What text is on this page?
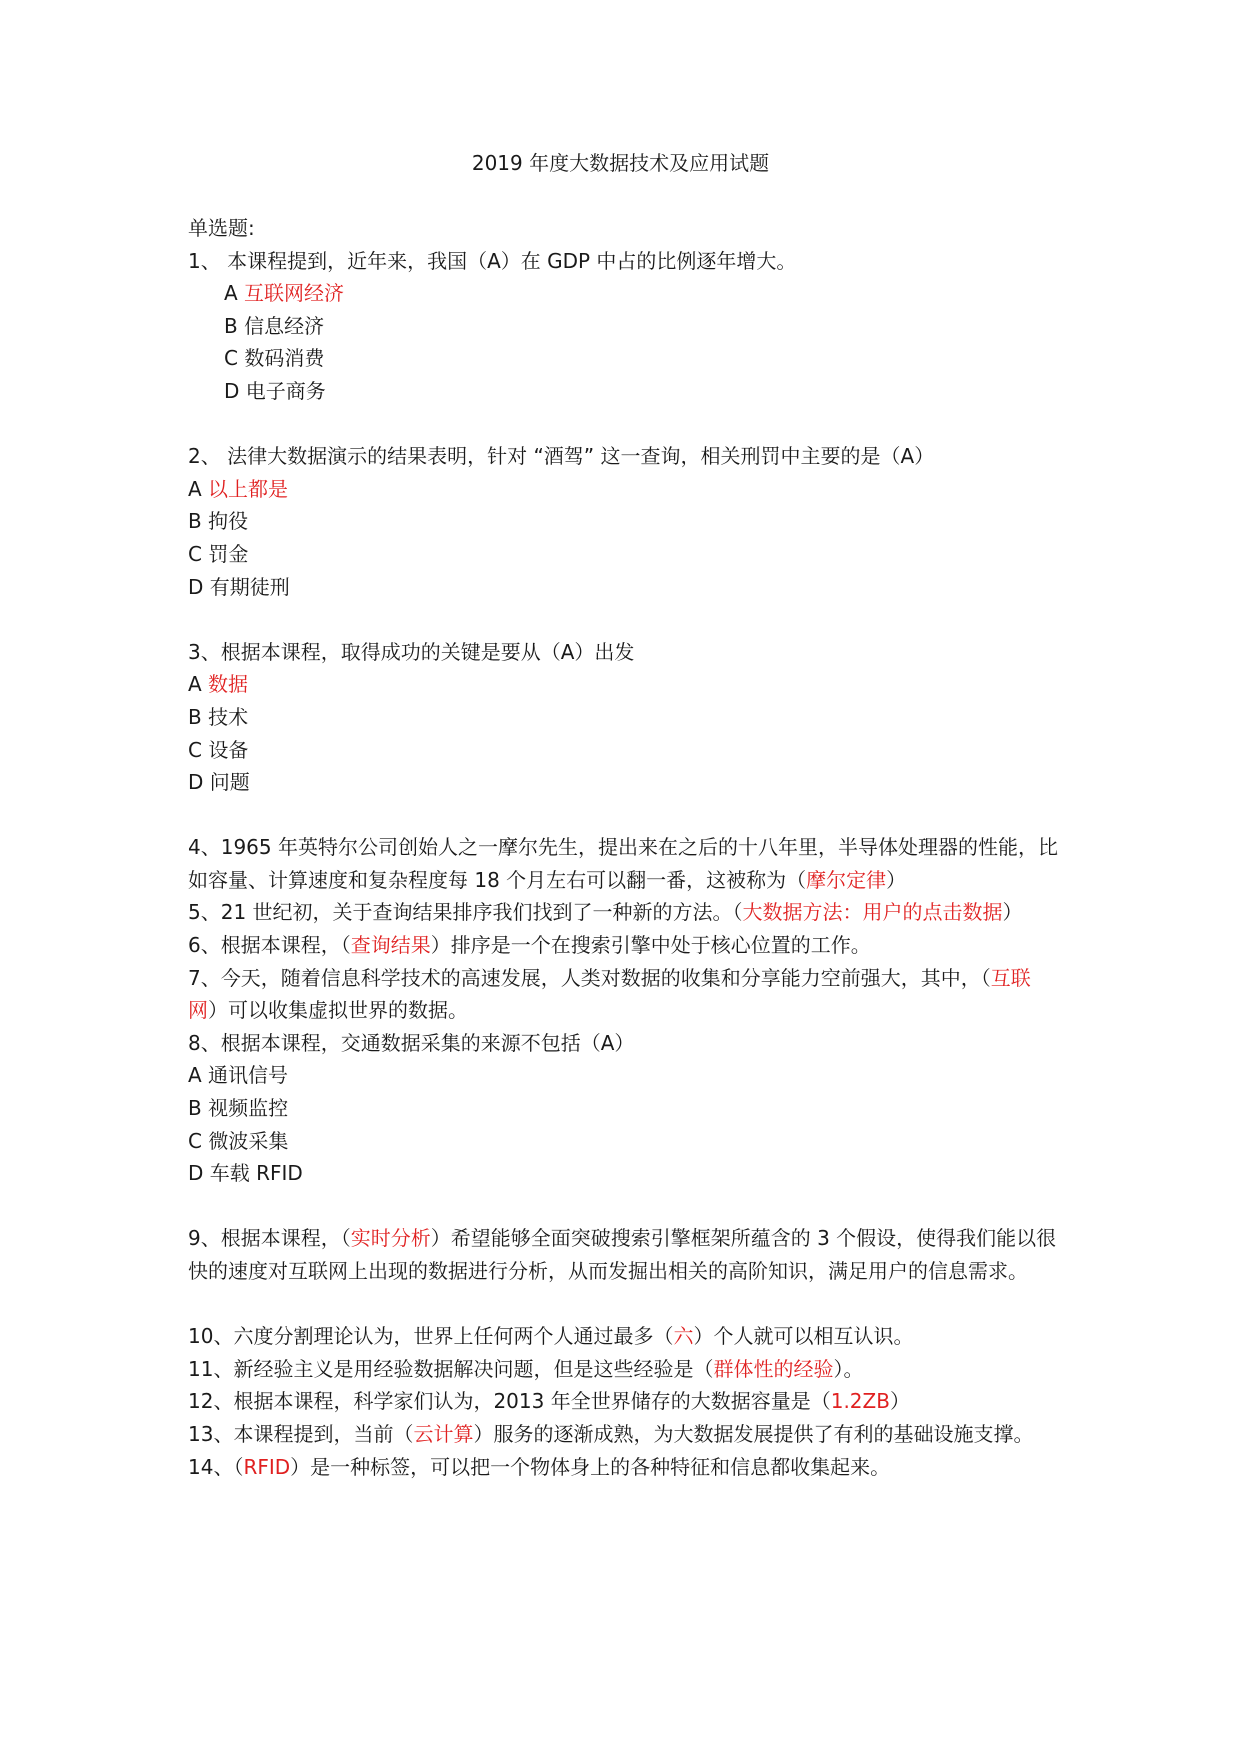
2019 年度大数据技术及应用试题
单选题:
1、 本课程提到，近年来，我国（A）在 GDP 中占的比例逐年增大。
A 互联网经济
B 信息经济
C 数码消费
D 电子商务
2、 法律大数据演示的结果表明，针对 “酒驾” 这一查询，相关刑罚中主要的是（A）
A 以上都是
B 拘役
C 罚金
D 有期徒刑
3、根据本课程，取得成功的关键是要从（A）出发
A 数据
B 技术
C 设备
D 问题
4、1965 年英特尔公司创始人之一摩尔先生，提出来在之后的十八年里，半导体处理器的性能，比如容量、计算速度和复杂程度每 18 个月左右可以翻一番，这被称为（摩尔定律）
5、21 世纪初，关于查询结果排序我们找到了一种新的方法。（大数据方法：用户的点击数据）
6、根据本课程，（查询结果）排序是一个在搜索引擎中处于核心位置的工作。
7、今天，随着信息科学技术的高速发展，人类对数据的收集和分享能力空前强大，其中，（互联网）可以收集虚拟世界的数据。
8、根据本课程，交通数据采集的来源不包括（A）
A 通讯信号
B 视频监控
C 微波采集
D 车载 RFID
9、根据本课程，（实时分析）希望能够全面突破搜索引擎框架所蕴含的 3 个假设，使得我们能以很快的速度对互联网上出现的数据进行分析，从而发掘出相关的高阶知识，满足用户的信息需求。
10、六度分割理论认为，世界上任何两个人通过最多（六）个人就可以相互认识。
11、新经验主义是用经验数据解决问题，但是这些经验是（群体性的经验）。
12、根据本课程，科学家们认为，2013 年全世界储存的大数据容量是（1.2ZB）
13、本课程提到，当前（云计算）服务的逐渐成熟，为大数据发展提供了有利的基础设施支撑。
14、（RFID）是一种标签，可以把一个物体身上的各种特征和信息都收集起来。
